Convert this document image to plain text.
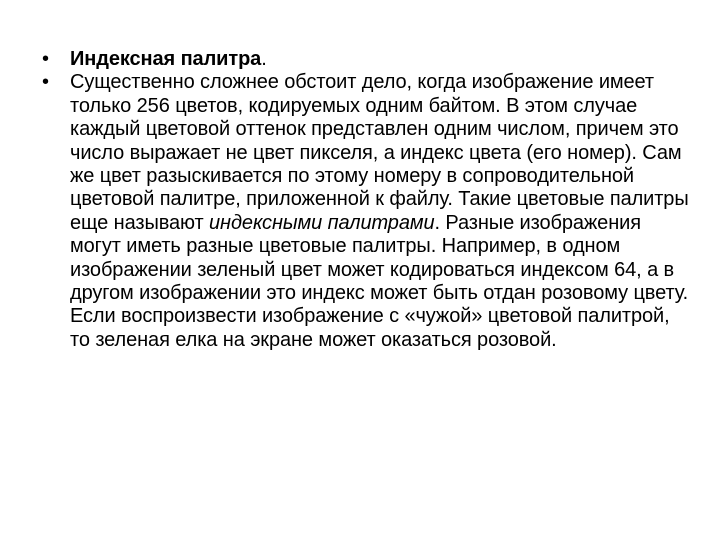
•	Индексная палитра.
•	Существенно сложнее обстоит дело, когда изображение имеет только 256 цветов, кодируемых одним байтом. В этом случае каждый цветовой оттенок представлен одним числом, причем это число выражает не цвет пикселя, а индекс цвета (его номер). Сам же цвет разыскивается по этому номеру в сопроводительной цветовой палитре, приложенной к файлу. Такие цветовые палитры еще называют индексными палитрами. Разные изображения могут иметь разные цветовые палитры. Например, в одном изображении зеленый цвет может кодироваться индексом 64, а в другом изображении это индекс может быть отдан розовому цвету. Если воспроизвести изображение с «чужой» цветовой палитрой, то зеленая елка на экране может оказаться розовой.
